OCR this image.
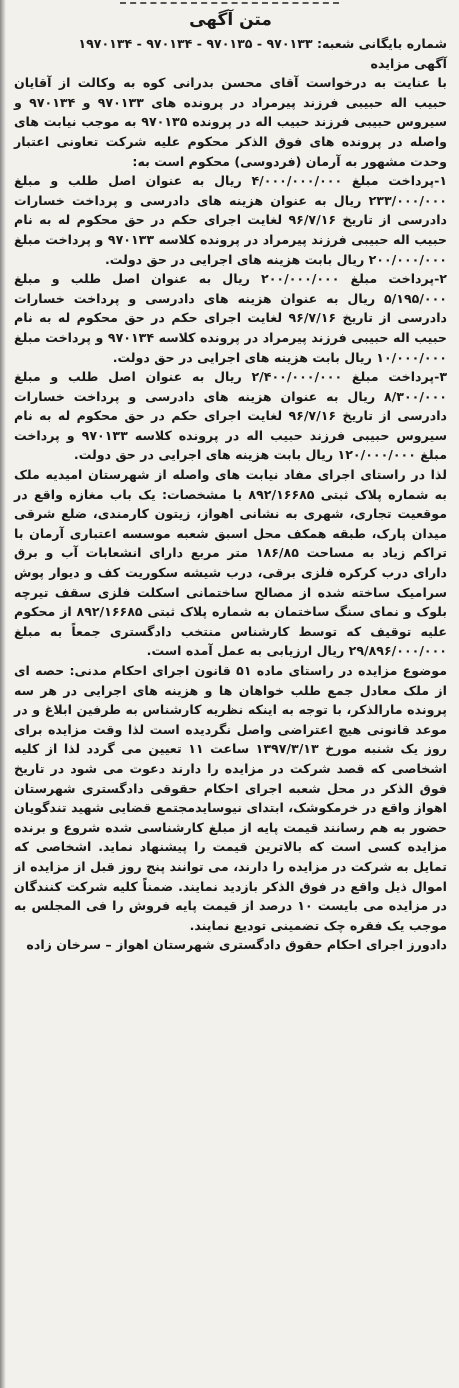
متن آگهی

شماره بایگانی شعبه: ۹۷۰۱۳۳ - ۹۷۰۱۳۵ - ۹۷۰۱۳۴ - ۱۹۷۰۱۳۴

آگهی مزایده

با عنایت به درخواست آقای محسن بدرانی کوه به وکالت از آقایان حبیب اله حبیبی فرزند پیرمراد در پرونده های ۹۷۰۱۳۳ و ۹۷۰۱۳۴ و سیروس حبیبی فرزند حبیب اله در پرونده ۹۷۰۱۳۵ به موجب نیابت های واصله در پرونده های فوق الذکر محکوم علیه شرکت تعاونی اعتبار وحدت مشهور به آرمان (فردوسی) محکوم است به:

۱-پرداخت مبلغ ۴/۰۰۰/۰۰۰/۰۰۰ ریال به عنوان اصل طلب و مبلغ ۲۳۳/۰۰۰/۰۰۰ ریال به عنوان هزینه های دادرسی و پرداخت خسارات دادرسی از تاریخ ۹۶/۷/۱۶ لغایت اجرای حکم در حق محکوم له به نام حبیب اله حبیبی فرزند پیرمراد در پرونده کلاسه ۹۷۰۱۳۳ و پرداخت مبلغ ۲۰۰/۰۰۰/۰۰۰ ریال بابت هزینه های اجرایی در حق دولت.

۲-پرداخت مبلغ ۲۰۰/۰۰۰/۰۰۰ ریال به عنوان اصل طلب و مبلغ ۵/۱۹۵/۰۰۰ ریال به عنوان هزینه های دادرسی و پرداخت خسارات دادرسی از تاریخ ۹۶/۷/۱۶ لغایت اجرای حکم در حق محکوم له به نام حبیب اله حبیبی فرزند پیرمراد در پرونده کلاسه ۹۷۰۱۳۴ و پرداخت مبلغ ۱۰/۰۰۰/۰۰۰ ریال بابت هزینه های اجرایی در حق دولت.

۳-پرداخت مبلغ ۲/۴۰۰/۰۰۰/۰۰۰ ریال به عنوان اصل طلب و مبلغ ۸/۳۰۰/۰۰۰ ریال به عنوان هزینه های دادرسی و پرداخت خسارات دادرسی از تاریخ ۹۶/۷/۱۶ لغایت اجرای حکم در حق محکوم له به نام سیروس حبیبی فرزند حبیب اله در پرونده کلاسه ۹۷۰۱۳۳ و پرداخت مبلغ ۱۲۰/۰۰۰/۰۰۰ ریال بابت هزینه های اجرایی در حق دولت.

لذا در راستای اجرای مفاد نیابت های واصله از شهرستان امیدیه ملک به شماره پلاک ثبتی ۸۹۲/۱۶۶۸۵ با مشخصات: یک باب مغازه واقع در موقعیت تجاری، شهری به نشانی اهواز، زیتون کارمندی، ضلع شرقی میدان پارک، طبقه همکف محل اسبق شعبه موسسه اعتباری آرمان با تراکم زیاد به مساحت ۱۸۶/۸۵ متر مربع دارای انشعابات آب و برق دارای درب کرکره فلزی برقی، درب شیشه سکوریت کف و دیوار پوش سرامیک ساخته شده از مصالح ساختمانی اسکلت فلزی سقف تیرچه بلوک و نمای سنگ ساختمان به شماره پلاک ثبتی ۸۹۲/۱۶۶۸۵ از محکوم علیه توقیف که توسط کارشناس منتخب دادگستری جمعاً به مبلغ ۲۹/۸۹۶/۰۰۰/۰۰۰ ریال ارزیابی به عمل آمده است.

موضوع مزایده در راستای ماده ۵۱ قانون اجرای احکام مدنی: حصه ای از ملک معادل جمع طلب خواهان ها و هزینه های اجرایی در هر سه پرونده مارالذکر، با توجه به اینکه نظریه کارشناس به طرفین ابلاغ و در موعد قانونی هیچ اعتراضی واصل نگردیده است لذا وقت مزایده برای روز یک شنبه مورخ ۱۳۹۷/۳/۱۳ ساعت ۱۱ تعیین می گردد لذا از کلیه اشخاصی که قصد شرکت در مزایده را دارند دعوت می شود در تاریخ فوق الذکر در محل شعبه اجرای احکام حقوقی دادگستری شهرستان اهواز واقع در خرمکوشک، ابتدای نیوسایدمجتمع قضایی شهید تندگویان حضور به هم رسانند قیمت پایه از مبلغ کارشناسی شده شروع و برنده مزایده کسی است که بالاترین قیمت را پیشنهاد نماید. اشخاصی که تمایل به شرکت در مزایده را دارند، می توانند پنج روز قبل از مزایده از اموال ذیل واقع در فوق الذکر بازدید نمایند. ضمناً کلیه شرکت کنندگان در مزایده می بایست ۱۰ درصد از قیمت پایه فروش را فی المجلس به موجب یک فقره چک تضمینی تودیع نمایند.

دادورز اجرای احکام حقوق دادگستری شهرستان اهواز – سرخان زاده
